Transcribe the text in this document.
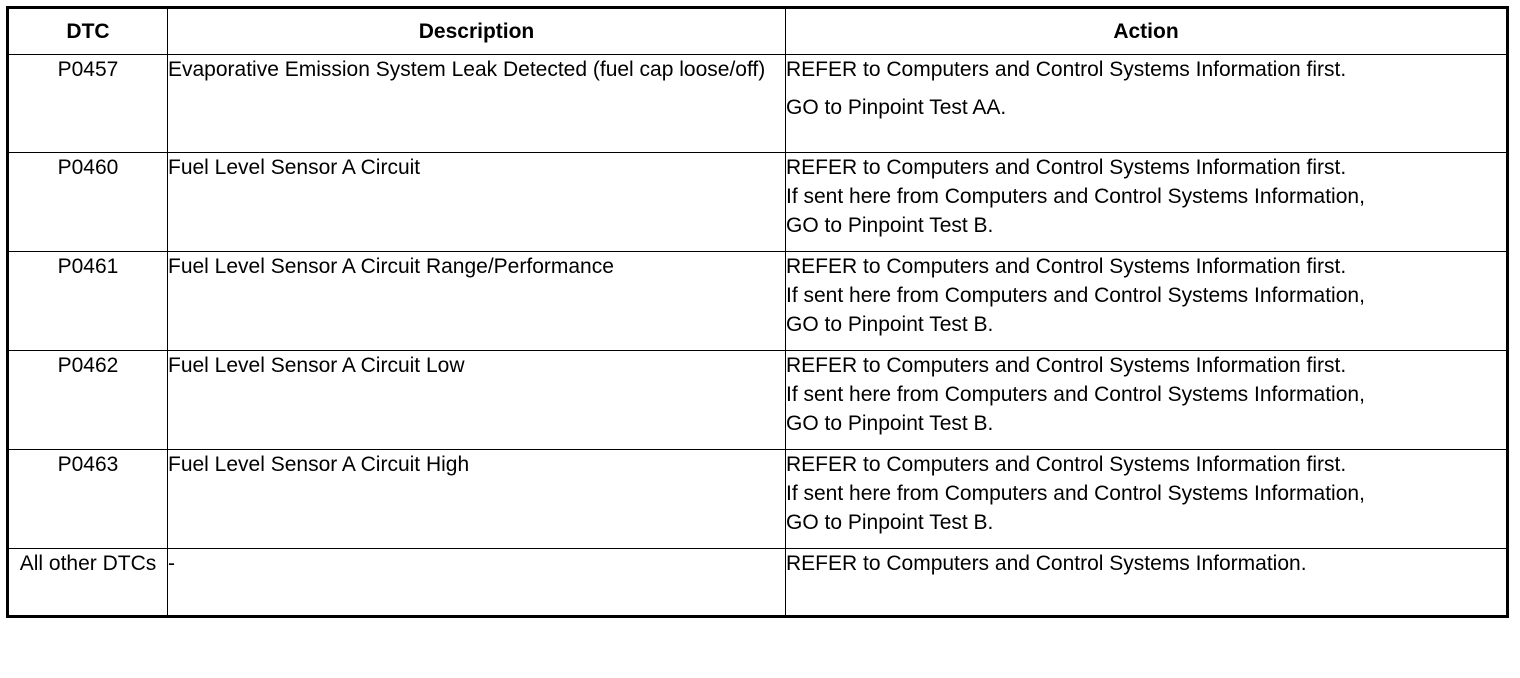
DTC	Description	Action
P0457	Evaporative Emission System Leak Detected (fuel cap loose/off)	REFER to Computers and Control Systems Information first.
GO to Pinpoint Test AA.

P0460	Fuel Level Sensor A Circuit	REFER to Computers and Control Systems Information first.
If sent here from Computers and Control Systems Information,
GO to Pinpoint Test B.

P0461	Fuel Level Sensor A Circuit Range/Performance	REFER to Computers and Control Systems Information first.
If sent here from Computers and Control Systems Information,
GO to Pinpoint Test B.

P0462	Fuel Level Sensor A Circuit Low	REFER to Computers and Control Systems Information first.
If sent here from Computers and Control Systems Information,
GO to Pinpoint Test B.

P0463	Fuel Level Sensor A Circuit High	REFER to Computers and Control Systems Information first.
If sent here from Computers and Control Systems Information,
GO to Pinpoint Test B.

All other DTCs	-	REFER to Computers and Control Systems Information.
